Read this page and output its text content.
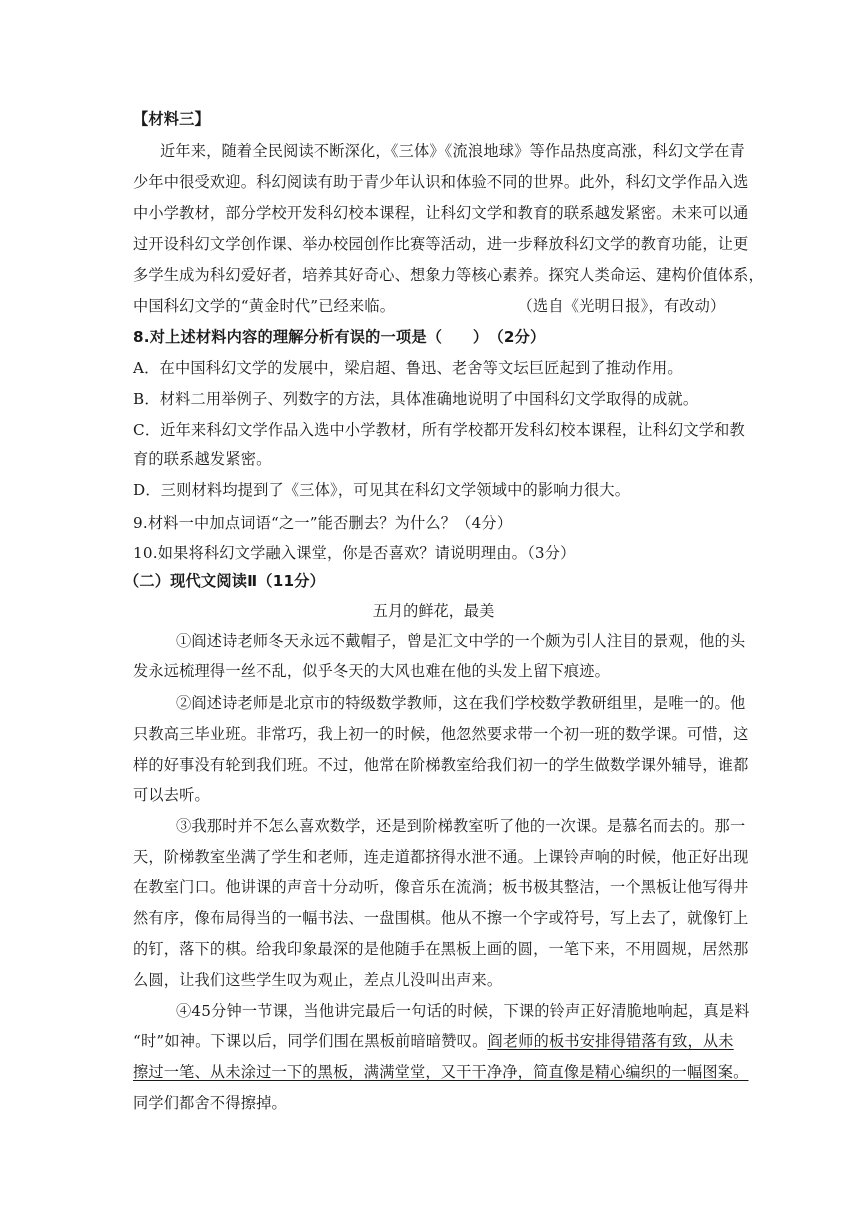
【材料三】
近年来，随着全民阅读不断深化，《三体》《流浪地球》等作品热度高涨，科幻文学在青
少年中很受欢迎。科幻阅读有助于青少年认识和体验不同的世界。此外，科幻文学作品入选
中小学教材，部分学校开发科幻校本课程，让科幻文学和教育的联系越发紧密。未来可以通
过开设科幻文学创作课、举办校园创作比赛等活动，进一步释放科幻文学的教育功能，让更
多学生成为科幻爱好者，培养其好奇心、想象力等核心素养。探究人类命运、建构价值体系，
中国科幻文学的“黄金时代”已经来临。	（选自《光明日报》，有改动）
8.对上述材料内容的理解分析有误的一项是（　　）　（2分）
A．在中国科幻文学的发展中，梁启超、鲁迅、老舍等文坛巨匠起到了推动作用。
B．材料二用举例子、列数字的方法，具体准确地说明了中国科幻文学取得的成就。
C．近年来科幻文学作品入选中小学教材，所有学校都开发科幻校本课程，让科幻文学和教
育的联系越发紧密。
D．三则材料均提到了《三体》，可见其在科幻文学领域中的影响力很大。
9.材料一中加点词语“之一”能否删去？为什么？（4分）
10.如果将科幻文学融入课堂，你是否喜欢？请说明理由。（3分）
（二）现代文阅读Ⅱ（11分）
五月的鲜花，最美
①阎述诗老师冬天永远不戴帽子，曾是汇文中学的一个颇为引人注目的景观，他的头
发永远梳理得一丝不乱，似乎冬天的大风也难在他的头发上留下痕迹。
②阎述诗老师是北京市的特级数学教师，这在我们学校数学教研组里，是唯一的。他
只教高三毕业班。非常巧，我上初一的时候，他忽然要求带一个初一班的数学课。可惜，这
样的好事没有轮到我们班。不过，他常在阶梯教室给我们初一的学生做数学课外辅导，谁都
可以去听。
③我那时并不怎么喜欢数学，还是到阶梯教室听了他的一次课。是慕名而去的。那一
天，阶梯教室坐满了学生和老师，连走道都挤得水泄不通。上课铃声响的时候，他正好出现
在教室门口。他讲课的声音十分动听，像音乐在流淌；板书极其整洁，一个黑板让他写得井
然有序，像布局得当的一幅书法、一盘围棋。他从不擦一个字或符号，写上去了，就像钉上
的钉，落下的棋。给我印象最深的是他随手在黑板上画的圆，一笔下来，不用圆规，居然那
么圆，让我们这些学生叹为观止，差点儿没叫出声来。
④45分钟一节课，当他讲完最后一句话的时候，下课的铃声正好清脆地响起，真是料
“时”如神。下课以后，同学们围在黑板前暗暗赞叹。阎老师的板书安排得错落有致，从未
擦过一笔、从未涂过一下的黑板，满满堂堂，又干干净净，简直像是精心编织的一幅图案。
同学们都舍不得擦掉。
